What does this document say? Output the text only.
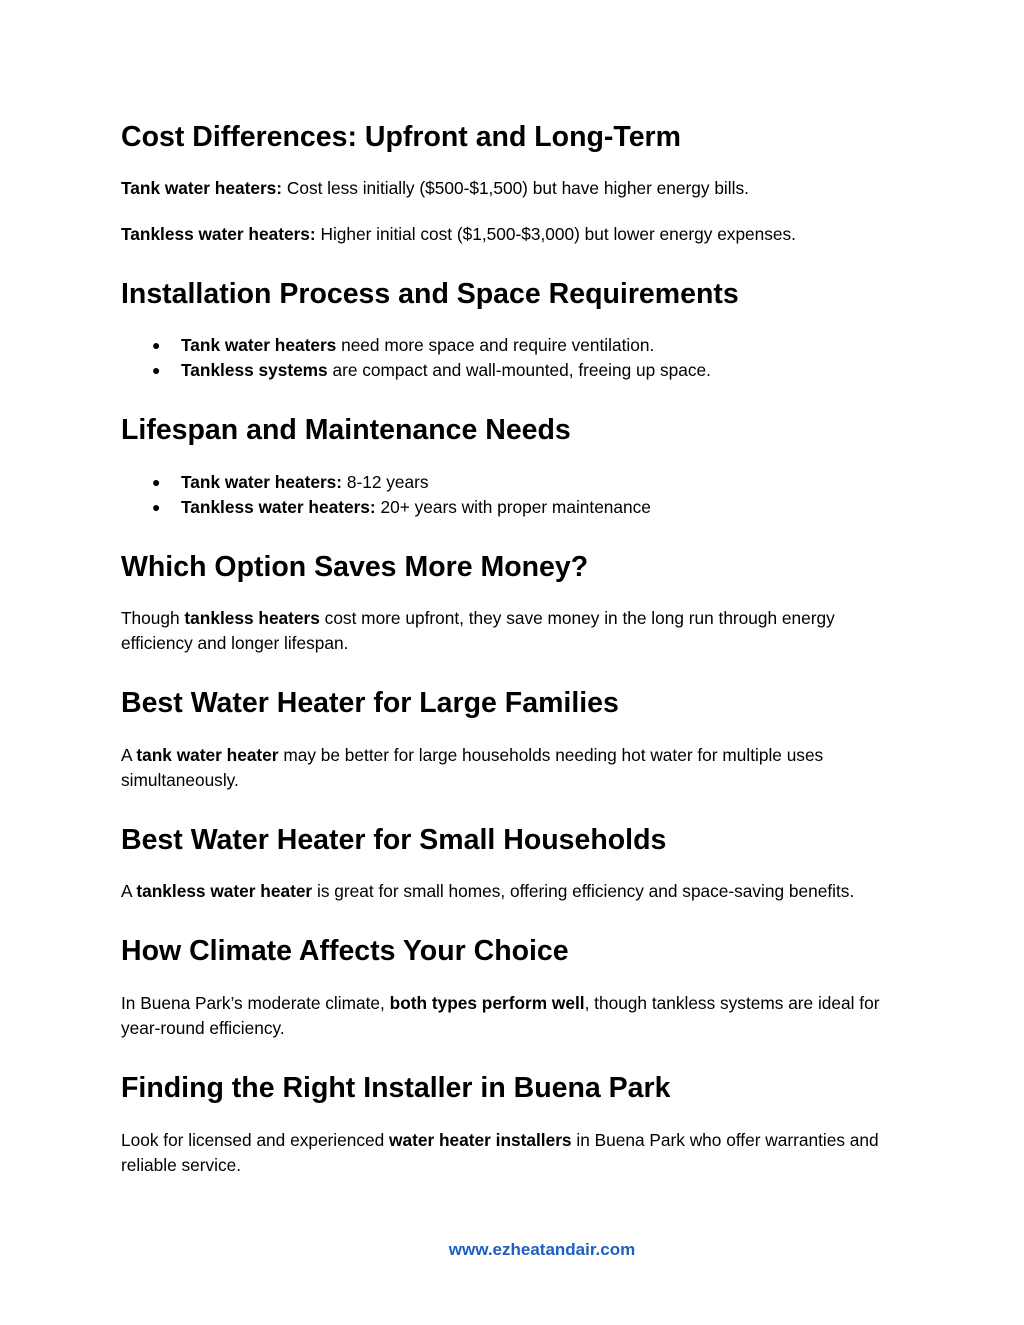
Cost Differences: Upfront and Long-Term

Tank water heaters: Cost less initially ($500-$1,500) but have higher energy bills.

Tankless water heaters: Higher initial cost ($1,500-$3,000) but lower energy expenses.

Installation Process and Space Requirements
● Tank water heaters need more space and require ventilation.
● Tankless systems are compact and wall-mounted, freeing up space.
Lifespan and Maintenance Needs
● Tank water heaters: 8-12 years
● Tankless water heaters: 20+ years with proper maintenance
Which Option Saves More Money?

Though tankless heaters cost more upfront, they save money in the long run through energy efficiency and longer lifespan.

Best Water Heater for Large Families

A tank water heater may be better for large households needing hot water for multiple uses simultaneously.

Best Water Heater for Small Households

A tankless water heater is great for small homes, offering efficiency and space-saving benefits.

How Climate Affects Your Choice

In Buena Park’s moderate climate, both types perform well, though tankless systems are ideal for year-round efficiency.

Finding the Right Installer in Buena Park

Look for licensed and experienced water heater installers in Buena Park who offer warranties and reliable service.

www.ezheatandair.com
